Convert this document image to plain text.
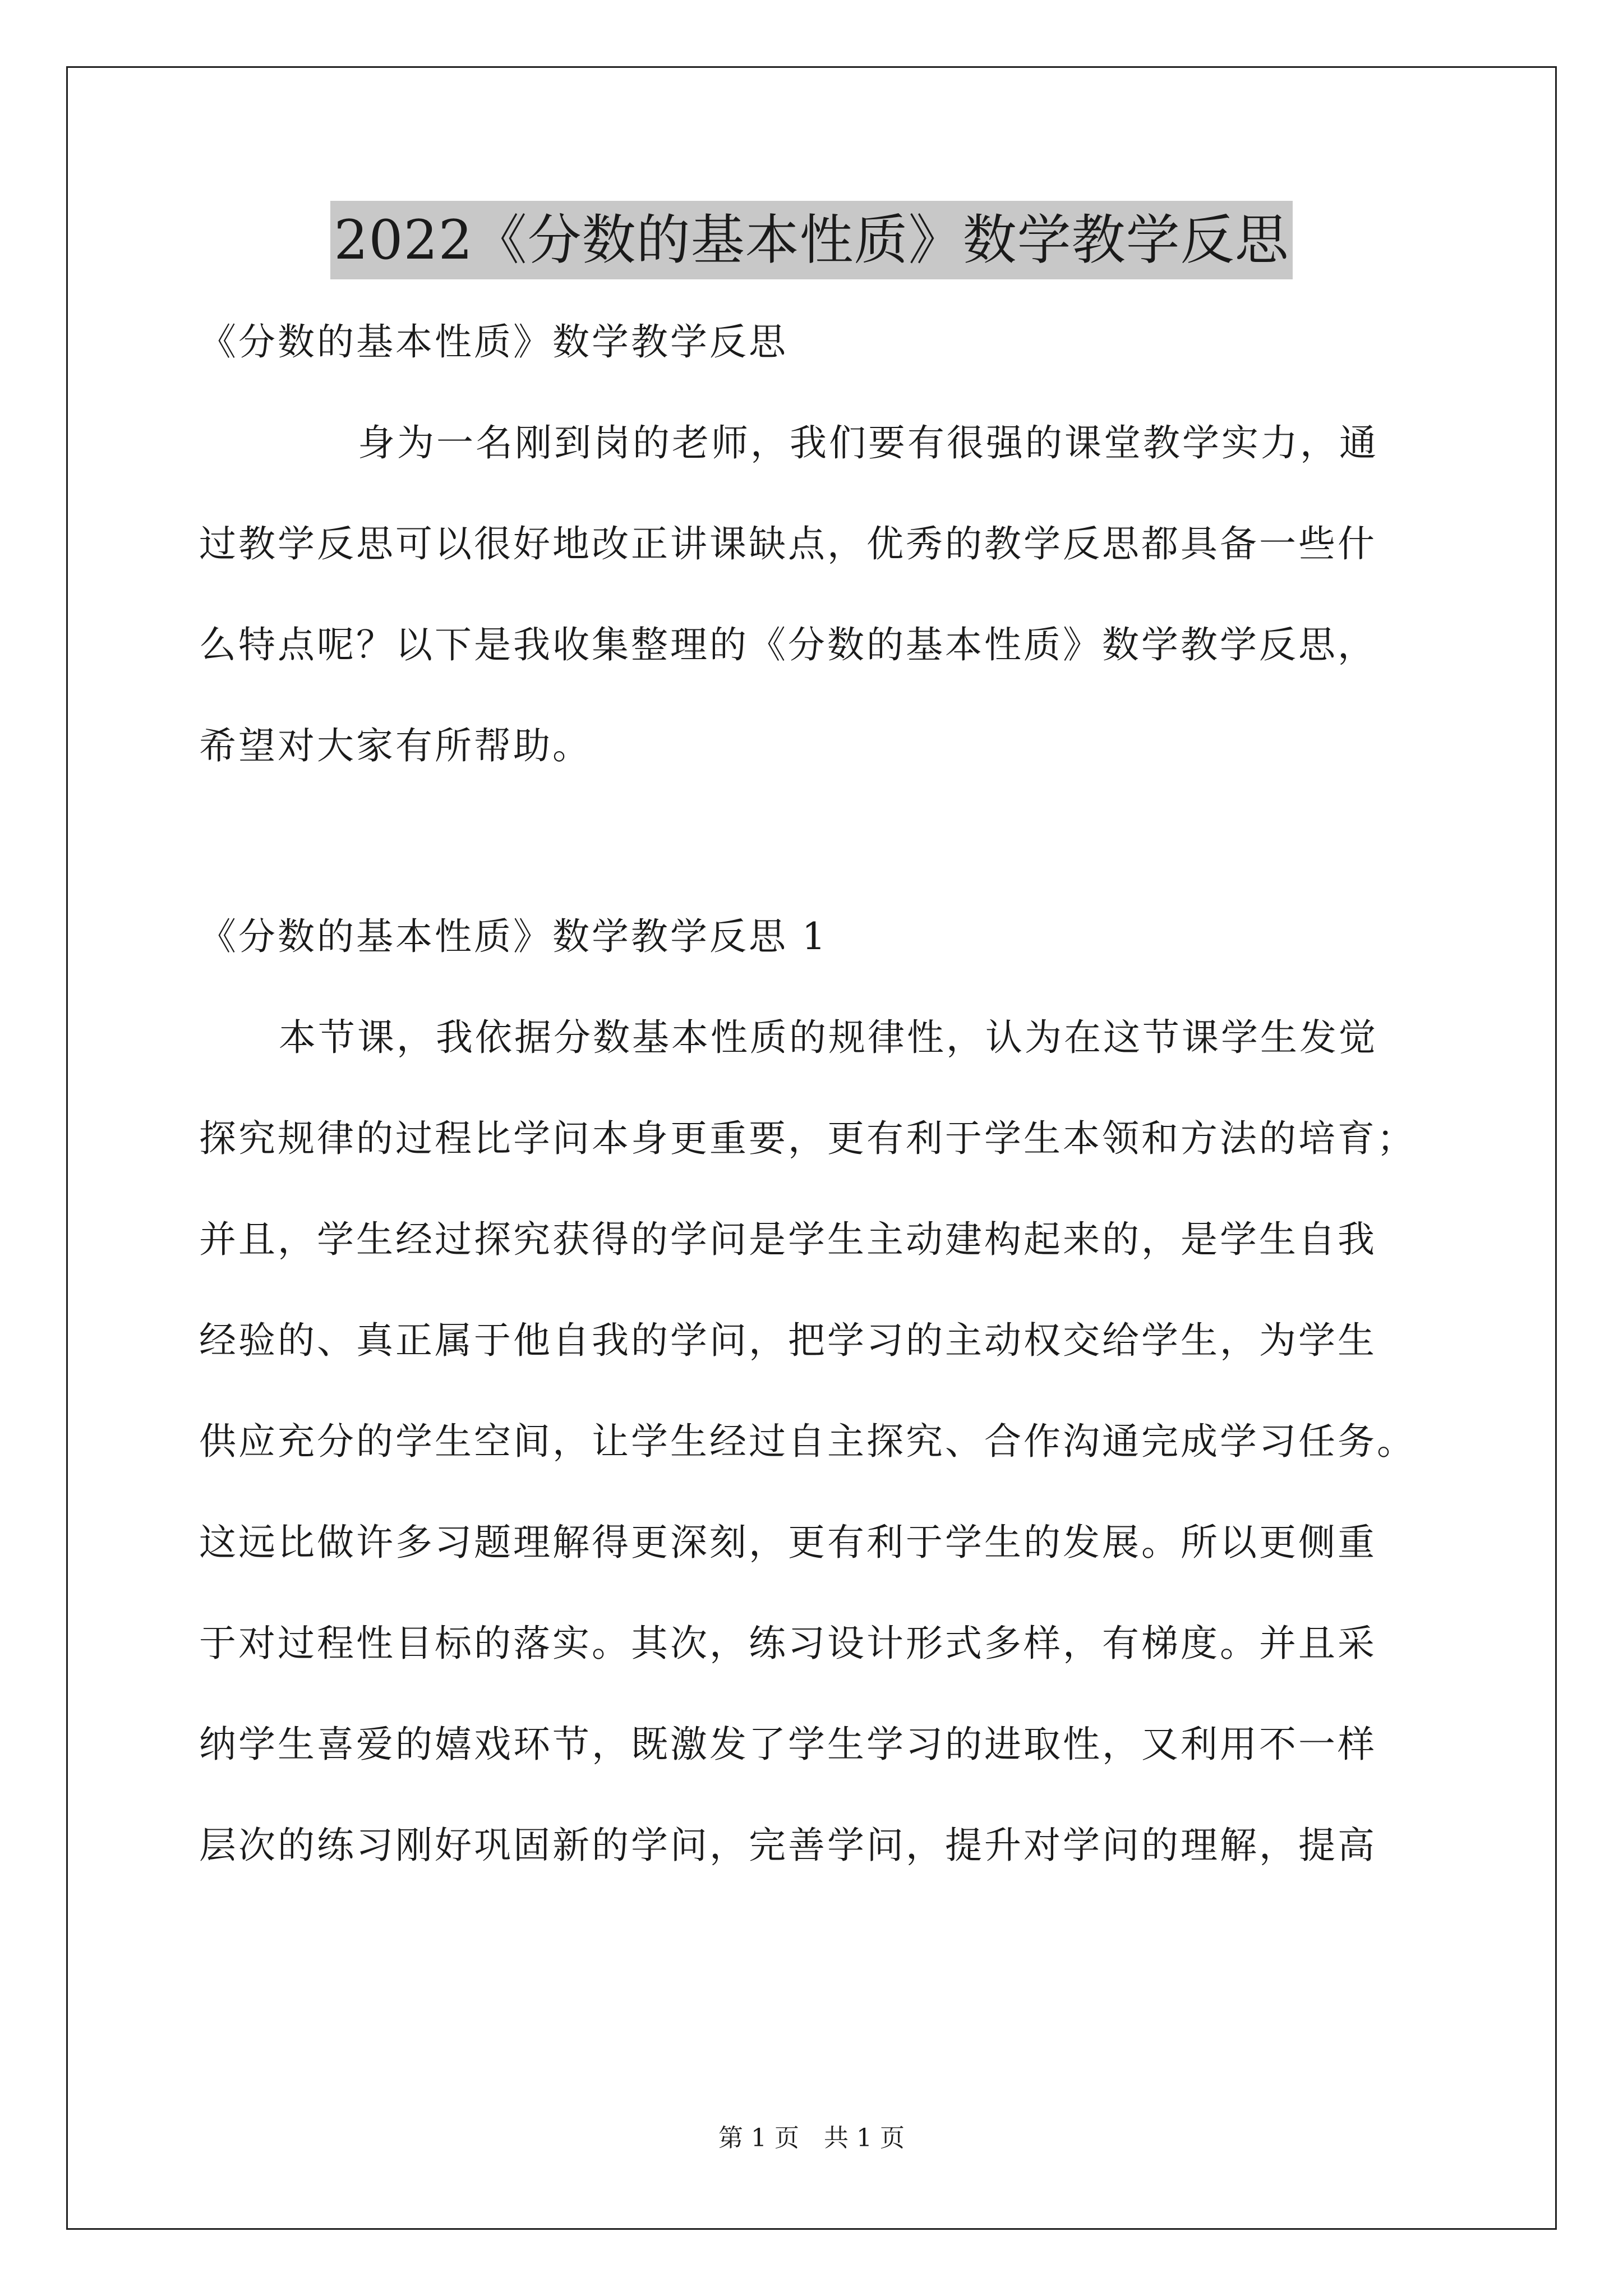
2022《分数的基本性质》数学教学反思
《分数的基本性质》数学教学反思
身为一名刚到岗的老师，我们要有很强的课堂教学实力，通
过教学反思可以很好地改正讲课缺点，优秀的教学反思都具备一些什
么特点呢？以下是我收集整理的《分数的基本性质》数学教学反思，
希望对大家有所帮助。
《分数的基本性质》数学教学反思 1
本节课，我依据分数基本性质的规律性，认为在这节课学生发觉
探究规律的过程比学问本身更重要，更有利于学生本领和方法的培育；
并且，学生经过探究获得的学问是学生主动建构起来的，是学生自我
经验的、真正属于他自我的学问，把学习的主动权交给学生，为学生
供应充分的学生空间，让学生经过自主探究、合作沟通完成学习任务。
这远比做许多习题理解得更深刻，更有利于学生的发展。所以更侧重
于对过程性目标的落实。其次，练习设计形式多样，有梯度。并且采
纳学生喜爱的嬉戏环节，既激发了学生学习的进取性，又利用不一样
层次的练习刚好巩固新的学问，完善学问，提升对学问的理解，提高
第 1 页　共 1 页
